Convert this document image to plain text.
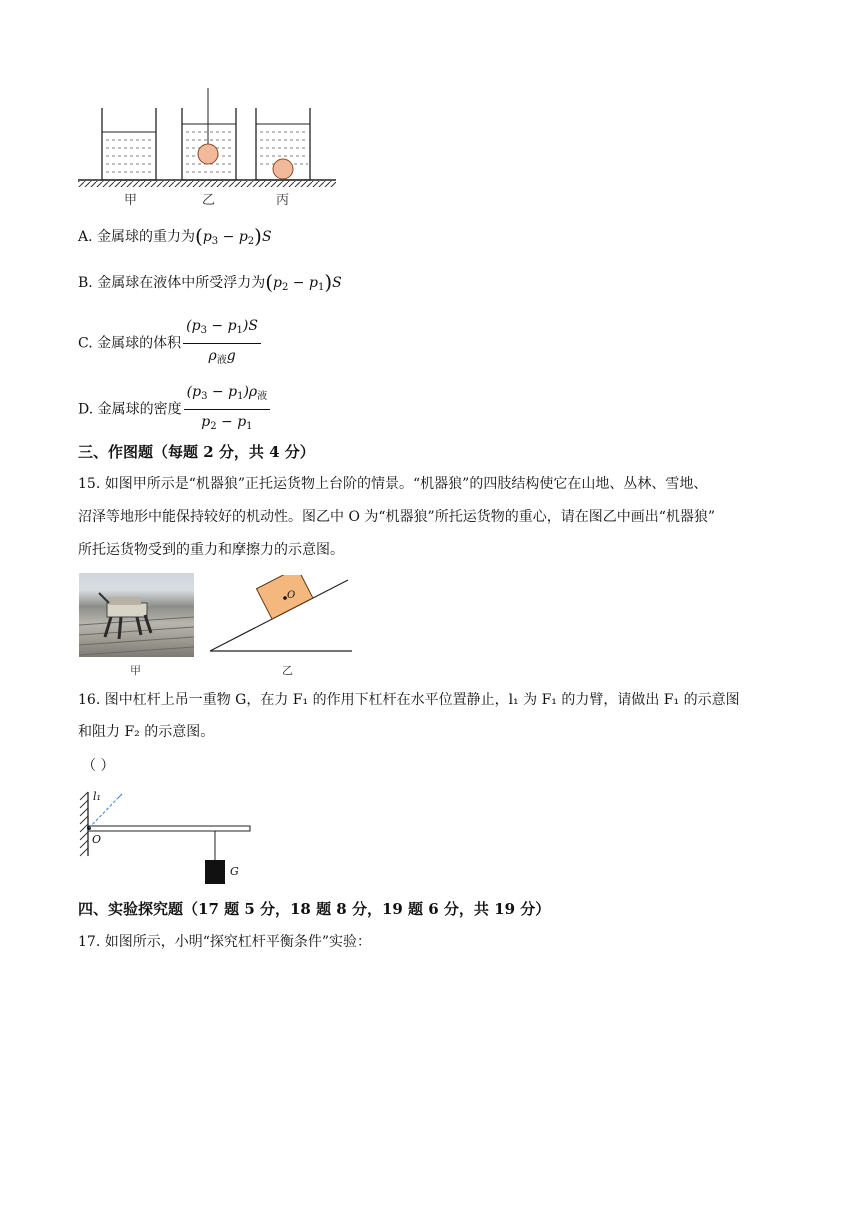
甲	乙	丙
A. 金属球的重力为$(p_3 - p_2)S$
B. 金属球在液体中所受浮力为$(p_2 - p_1)S$
C. 金属球的体积 $\frac{(p_3 - p_1)S}{\rho_液g}$
D. 金属球的密度 $\frac{(p_3 - p_1)\rho_液}{p_2 - p_1}$
三、作图题（每题 2 分，共 4 分）
15. 如图甲所示是“机器狼”正托运货物上台阶的情景。“机器狼”的四肢结构使它在山地、丛林、雪地、
沼泽等地形中能保持较好的机动性。图乙中 O 为“机器狼”所托运货物的重心，请在图乙中画出“机器狼”
所托运货物受到的重力和摩擦力的示意图。
甲
O
乙
16. 图中杠杆上吊一重物 G，在力 F₁ 的作用下杠杆在水平位置静止，l₁ 为 F₁ 的力臂，请做出 F₁ 的示意图
和阻力 F₂ 的示意图。
（ ）
l₁
O
G
四、实验探究题（17 题 5 分，18 题 8 分，19 题 6 分，共 19 分）
17. 如图所示，小明“探究杠杆平衡条件”实验：
